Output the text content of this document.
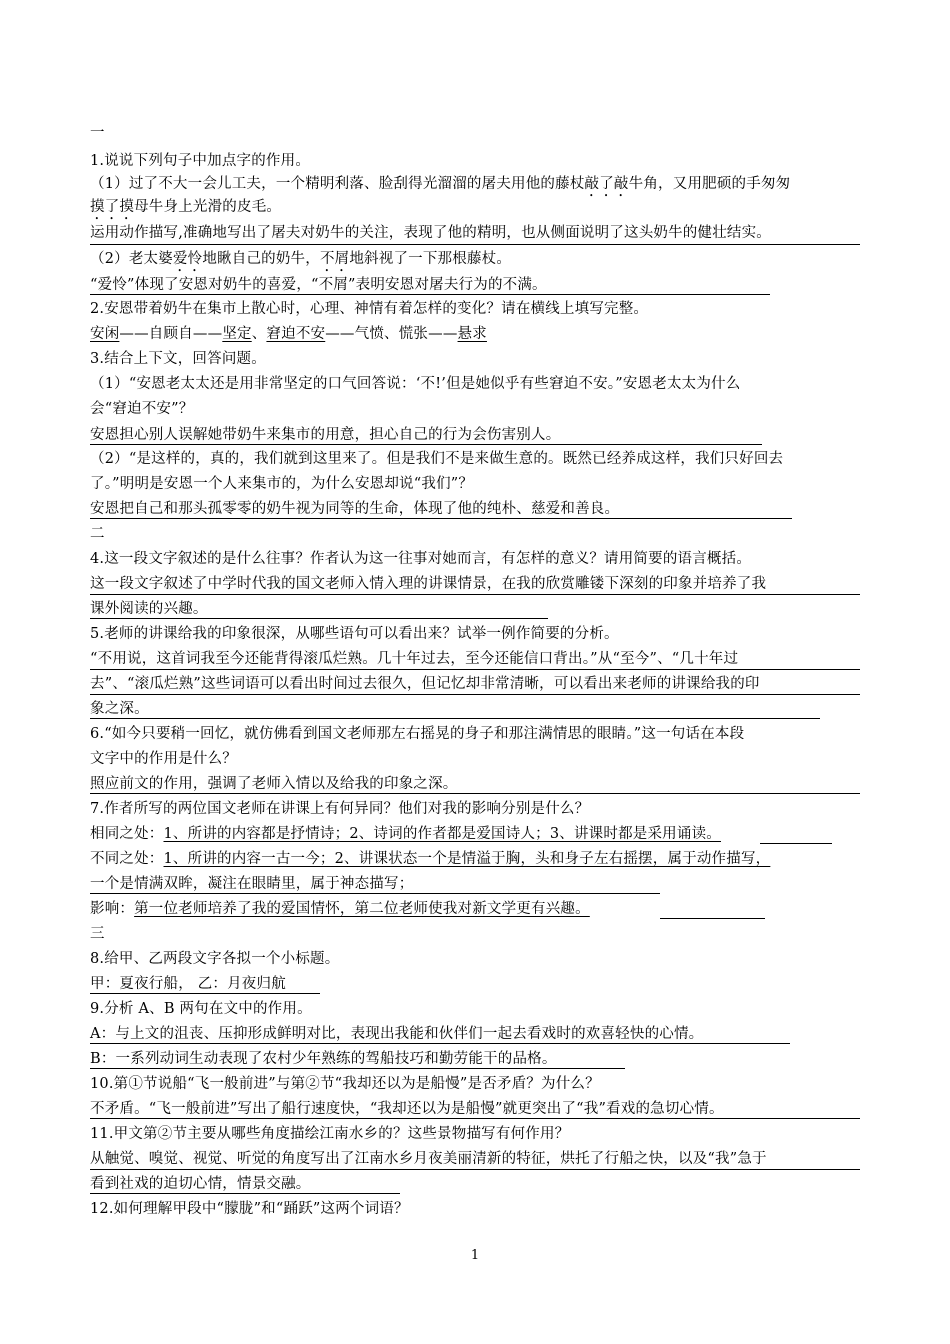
一
1.说说下列句子中加点字的作用。
（1）过了不大一会儿工夫，一个精明利落、脸刮得光溜溜的屠夫用他的藤杖敲了敲牛角，又用肥硕的手匆匆
摸了摸母牛身上光滑的皮毛。
运用动作描写,准确地写出了屠夫对奶牛的关注，表现了他的精明，也从侧面说明了这头奶牛的健壮结实。
（2）老太婆爱怜地瞅自己的奶牛，不屑地斜视了一下那根藤杖。
“爱怜”体现了安恩对奶牛的喜爱，“不屑”表明安恩对屠夫行为的不满。
2.安恩带着奶牛在集市上散心时，心理、神情有着怎样的变化？请在横线上填写完整。
安闲——自顾自——坚定、窘迫不安——气愤、慌张——悬求
3.结合上下文，回答问题。
（1）“安恩老太太还是用非常坚定的口气回答说：‘不!’但是她似乎有些窘迫不安。”安恩老太太为什么
会“窘迫不安”？
安恩担心别人误解她带奶牛来集市的用意，担心自己的行为会伤害别人。
（2）“是这样的，真的，我们就到这里来了。但是我们不是来做生意的。既然已经养成这样，我们只好回去
了。”明明是安恩一个人来集市的，为什么安恩却说“我们”？
安恩把自己和那头孤零零的奶牛视为同等的生命，体现了他的纯朴、慈爱和善良。
二
4.这一段文字叙述的是什么往事？作者认为这一往事对她而言，有怎样的意义？请用简要的语言概括。
这一段文字叙述了中学时代我的国文老师入情入理的讲课情景，在我的欣赏雕镂下深刻的印象并培养了我
课外阅读的兴趣。
5.老师的讲课给我的印象很深，从哪些语句可以看出来？试举一例作简要的分析。
“不用说，这首词我至今还能背得滚瓜烂熟。几十年过去，至今还能信口背出。”从“至今”、“几十年过
去”、“滚瓜烂熟”这些词语可以看出时间过去很久，但记忆却非常清晰，可以看出来老师的讲课给我的印
象之深。
6.“如今只要稍一回忆，就仿佛看到国文老师那左右摇晃的身子和那注满情思的眼睛。”这一句话在本段
文字中的作用是什么？
照应前文的作用，强调了老师入情以及给我的印象之深。
7.作者所写的两位国文老师在讲课上有何异同？他们对我的影响分别是什么？
相同之处：1、所讲的内容都是抒情诗；2、诗词的作者都是爱国诗人；3、讲课时都是采用诵读。
不同之处：1、所讲的内容一古一今；2、讲课状态一个是情溢于胸，头和身子左右摇摆，属于动作描写，
一个是情满双眸，凝注在眼睛里，属于神态描写；
影响：第一位老师培养了我的爱国情怀，第二位老师使我对新文学更有兴趣。
三
8.给甲、乙两段文字各拟一个小标题。
甲：夏夜行船， 乙：月夜归航
9.分析 A、B 两句在文中的作用。
A：与上文的沮丧、压抑形成鲜明对比，表现出我能和伙伴们一起去看戏时的欢喜轻快的心情。
B：一系列动词生动表现了农村少年熟练的驾船技巧和勤劳能干的品格。
10.第①节说船“飞一般前进”与第②节“我却还以为是船慢”是否矛盾？为什么？
不矛盾。“飞一般前进”写出了船行速度快，“我却还以为是船慢”就更突出了“我”看戏的急切心情。
11.甲文第②节主要从哪些角度描绘江南水乡的？这些景物描写有何作用？
从触觉、嗅觉、视觉、听觉的角度写出了江南水乡月夜美丽清新的特征，烘托了行船之快，以及“我”急于
看到社戏的迫切心情，情景交融。
12.如何理解甲段中“朦胧”和“踊跃”这两个词语？
1
